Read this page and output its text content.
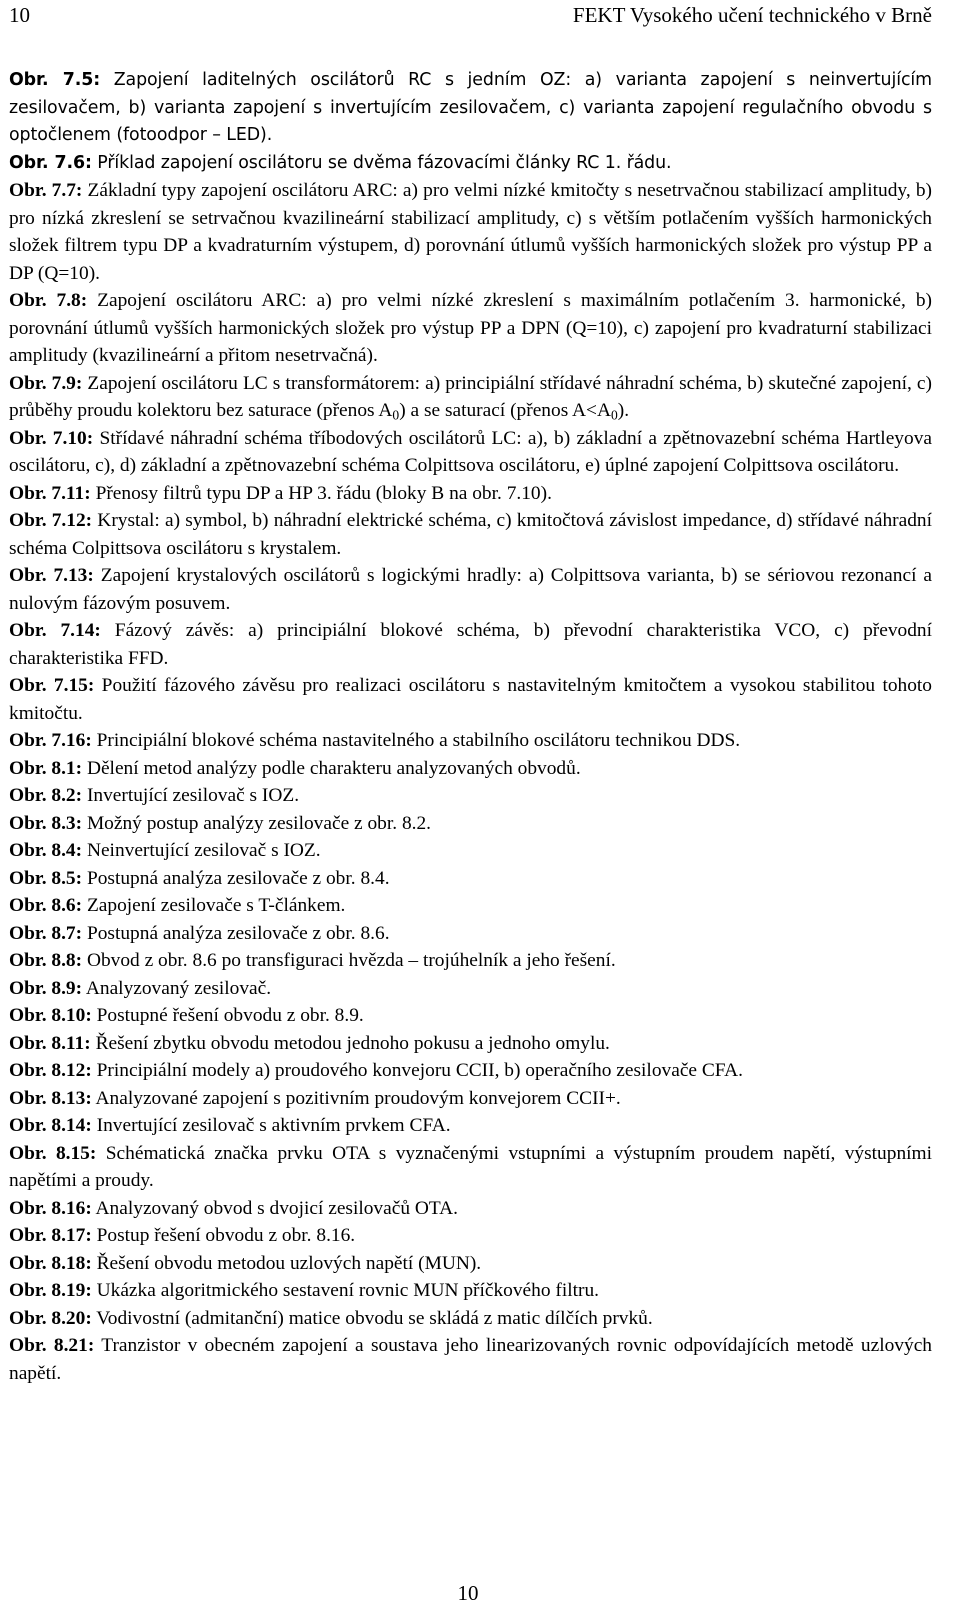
10	FEKT Vysokého učení technického v Brně

Obr. 7.5: Zapojení laditelných oscilátorů RC s jedním OZ: a) varianta zapojení s neinvertujícím zesilovačem, b) varianta zapojení s invertujícím zesilovačem, c) varianta zapojení regulačního obvodu s optočlenem (fotoodpor – LED).

Obr. 7.6: Příklad zapojení oscilátoru se dvěma fázovacími články RC 1. řádu.

Obr. 7.7: Základní typy zapojení oscilátoru ARC: a) pro velmi nízké kmitočty s nesetrvačnou stabilizací amplitudy, b) pro nízká zkreslení se setrvačnou kvazilineární stabilizací amplitudy, c) s větším potlačením vyšších harmonických složek filtrem typu DP a kvadraturním výstupem, d) porovnání útlumů vyšších harmonických složek pro výstup PP a DP (Q=10).

Obr. 7.8: Zapojení oscilátoru ARC: a) pro velmi nízké zkreslení s maximálním potlačením 3. harmonické, b) porovnání útlumů vyšších harmonických složek pro výstup PP a DPN (Q=10), c) zapojení pro kvadraturní stabilizaci amplitudy (kvazilineární a přitom nesetrvačná).

Obr. 7.9: Zapojení oscilátoru LC s transformátorem: a) principiální střídavé náhradní schéma, b) skutečné zapojení, c) průběhy proudu kolektoru bez saturace (přenos $A_0$) a se saturací (přenos $A<A_0$).

Obr. 7.10: Střídavé náhradní schéma tříbodových oscilátorů LC: a), b) základní a zpětnovazební schéma Hartleyova oscilátoru, c), d) základní a zpětnovazební schéma Colpittsova oscilátoru, e) úplné zapojení Colpittsova oscilátoru.

Obr. 7.11: Přenosy filtrů typu DP a HP 3. řádu (bloky B na obr. 7.10).

Obr. 7.12: Krystal: a) symbol, b) náhradní elektrické schéma, c) kmitočtová závislost impedance, d) střídavé náhradní schéma Colpittsova oscilátoru s krystalem.

Obr. 7.13: Zapojení krystalových oscilátorů s logickými hradly: a) Colpittsova varianta, b) se sériovou rezonancí a nulovým fázovým posuvem.

Obr. 7.14: Fázový závěs: a) principiální blokové schéma, b) převodní charakteristika VCO, c) převodní charakteristika FFD.

Obr. 7.15: Použití fázového závěsu pro realizaci oscilátoru s nastavitelným kmitočtem a vysokou stabilitou tohoto kmitočtu.

Obr. 7.16: Principiální blokové schéma nastavitelného a stabilního oscilátoru technikou DDS.

Obr. 8.1: Dělení metod analýzy podle charakteru analyzovaných obvodů.

Obr. 8.2: Invertující zesilovač s IOZ.

Obr. 8.3: Možný postup analýzy zesilovače z obr. 8.2.

Obr. 8.4: Neinvertující zesilovač s IOZ.

Obr. 8.5: Postupná analýza zesilovače z obr. 8.4.

Obr. 8.6: Zapojení zesilovače s T-článkem.

Obr. 8.7: Postupná analýza zesilovače z obr. 8.6.

Obr. 8.8: Obvod z obr. 8.6 po transfiguraci hvězda – trojúhelník a jeho řešení.

Obr. 8.9: Analyzovaný zesilovač.

Obr. 8.10: Postupné řešení obvodu z obr. 8.9.

Obr. 8.11: Řešení zbytku obvodu metodou jednoho pokusu a jednoho omylu.

Obr. 8.12: Principiální modely a) proudového konvejoru CCII, b) operačního zesilovače CFA.

Obr. 8.13: Analyzované zapojení s pozitivním proudovým konvejorem CCII+.

Obr. 8.14: Invertující zesilovač s aktivním prvkem CFA.

Obr. 8.15: Schématická značka prvku OTA s vyznačenými vstupními a výstupním proudem napětí, výstupními napětími a proudy.

Obr. 8.16: Analyzovaný obvod s dvojicí zesilovačů OTA.

Obr. 8.17: Postup řešení obvodu z obr. 8.16.

Obr. 8.18: Řešení obvodu metodou uzlových napětí (MUN).

Obr. 8.19: Ukázka algoritmického sestavení rovnic MUN příčkového filtru.

Obr. 8.20: Vodivostní (admitanční) matice obvodu se skládá z matic dílčích prvků.

Obr. 8.21: Tranzistor v obecném zapojení a soustava jeho linearizovaných rovnic odpovídajících metodě uzlových napětí.

10
